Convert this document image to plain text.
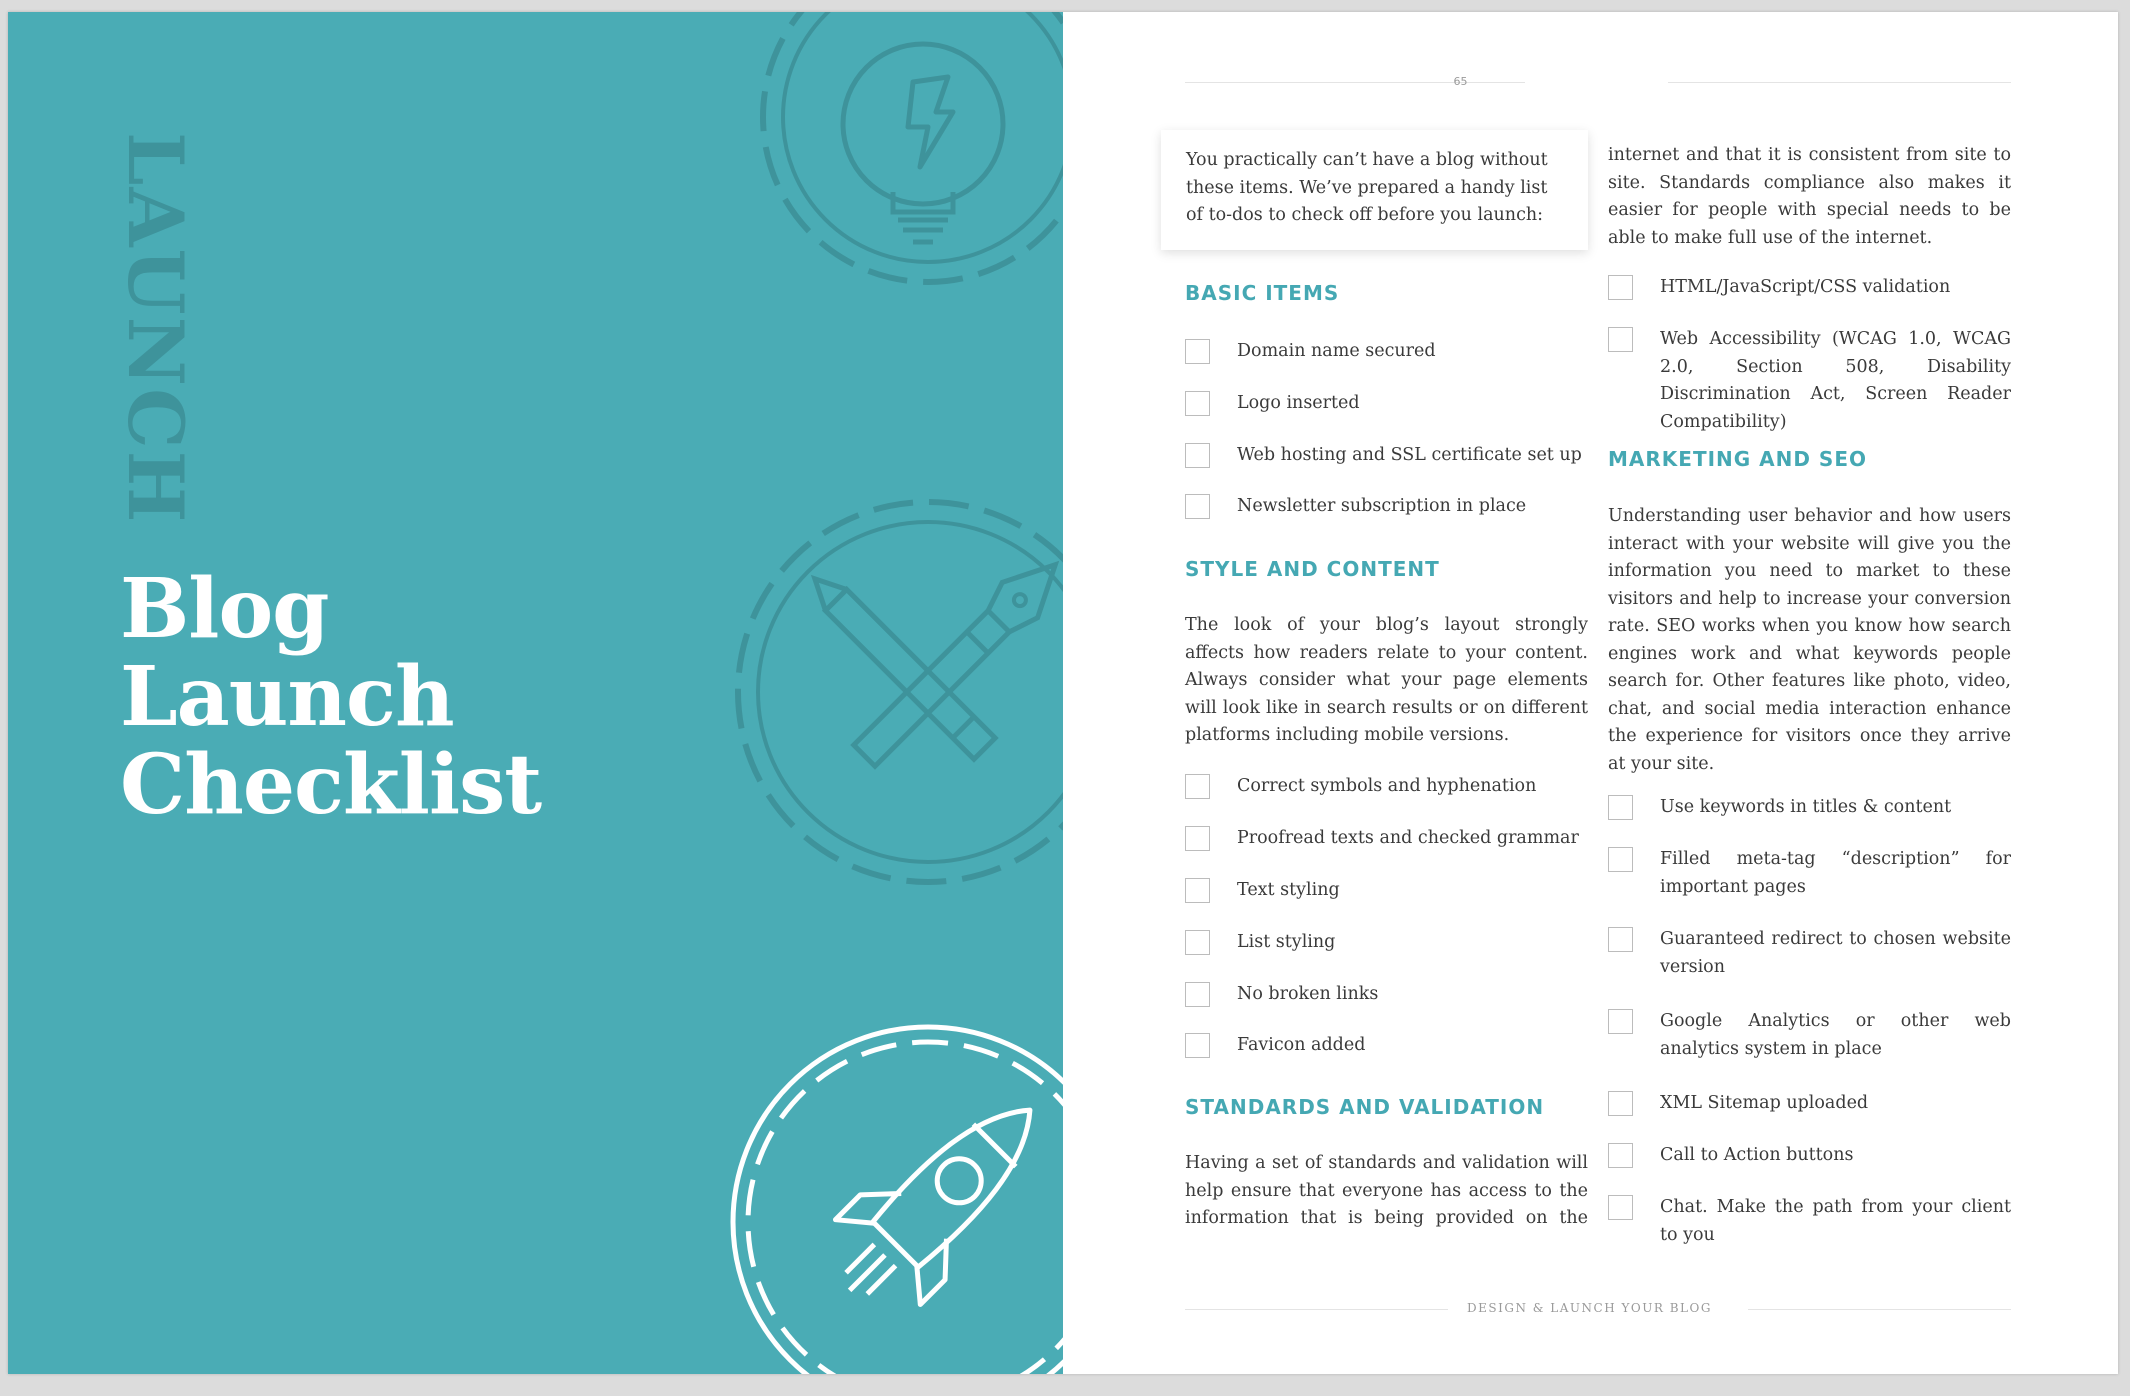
LAUNCH
Blog
Launch
Checklist
65
You practically can’t have a blog without these items. We’ve prepared a handy list of to-dos to check off before you launch:
BASIC ITEMS
Domain name secured
Logo inserted
Web hosting and SSL certificate set up
Newsletter subscription in place
STYLE AND CONTENT
The look of your blog’s layout strongly affects how readers relate to your content. Always consider what your page elements will look like in search results or on different platforms including mobile versions.
Correct symbols and hyphenation
Proofread texts and checked grammar
Text styling
List styling
No broken links
Favicon added
STANDARDS AND VALIDATION
Having a set of standards and validation will help ensure that everyone has access to the information that is being provided on the
internet and that it is consistent from site to site. Standards compliance also makes it easier for people with special needs to be able to make full use of the internet.
HTML/JavaScript/CSS validation
Web Accessibility (WCAG 1.0, WCAG 2.0, Section 508, Disability Discrimination Act, Screen Reader Compatibility)
MARKETING AND SEO
Understanding user behavior and how users interact with your website will give you the information you need to market to these visitors and help to increase your conversion rate. SEO works when you know how search engines work and what keywords people search for. Other features like photo, video, chat, and social media interaction enhance the experience for visitors once they arrive at your site.
Use keywords in titles & content
Filled meta-tag “description” for important pages
Guaranteed redirect to chosen website version
Google Analytics or other web analytics system in place
XML Sitemap uploaded
Call to Action buttons
Chat. Make the path from your client to you
DESIGN & LAUNCH YOUR BLOG
